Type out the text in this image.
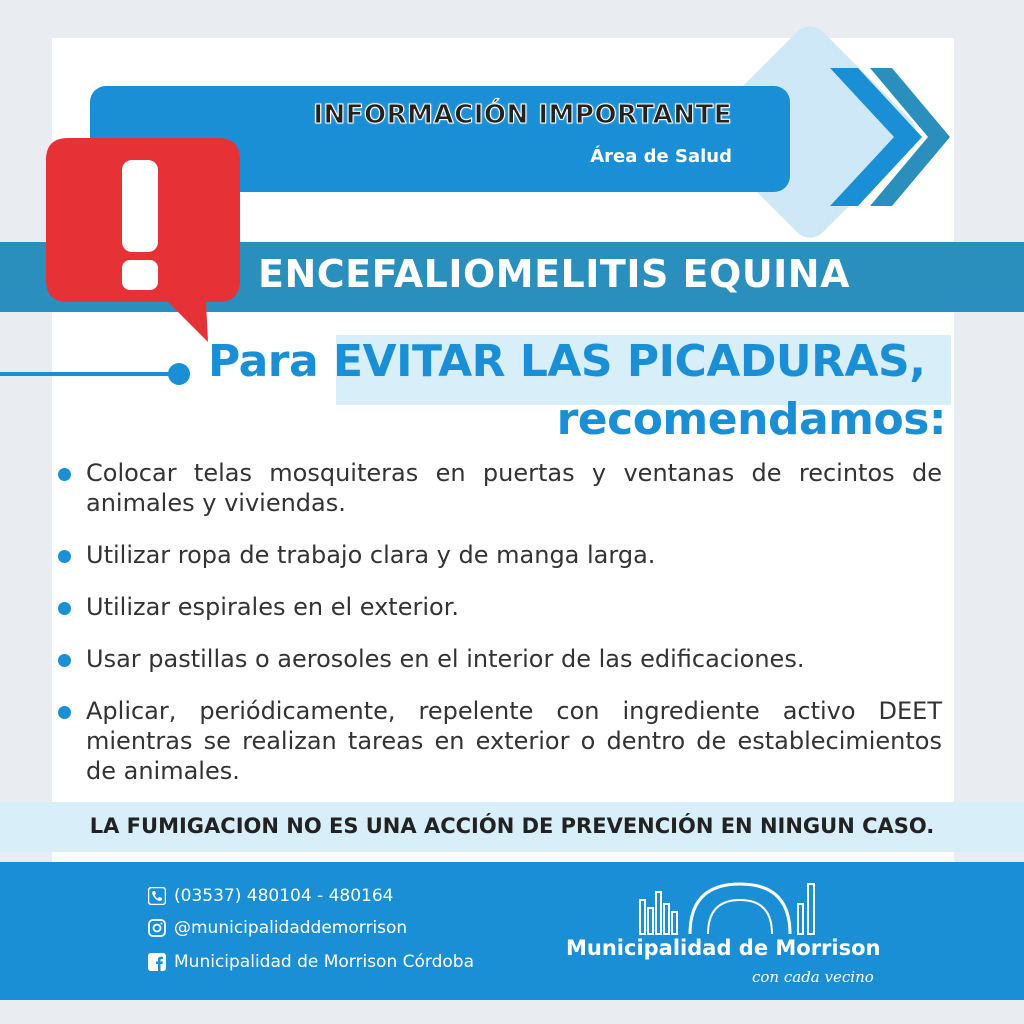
INFORMACIÓN IMPORTANTE
Área de Salud
ENCEFALIOMELITIS EQUINA
Para EVITAR LAS PICADURAS,
recomendamos:
Colocar telas mosquiteras en puertas y ventanas de recintos de animales y viviendas.
Utilizar ropa de trabajo clara y de manga larga.
Utilizar espirales en el exterior.
Usar pastillas o aerosoles en el interior de las edificaciones.
Aplicar, periódicamente, repelente con ingrediente activo DEET mientras se realizan tareas en exterior o dentro de establecimientos de animales.
LA FUMIGACION NO ES UNA ACCIÓN DE PREVENCIÓN EN NINGUN CASO.
(03537) 480104 - 480164
@municipalidaddemorrison
Municipalidad de Morrison Córdoba
Municipalidad de Morrison
con cada vecino
